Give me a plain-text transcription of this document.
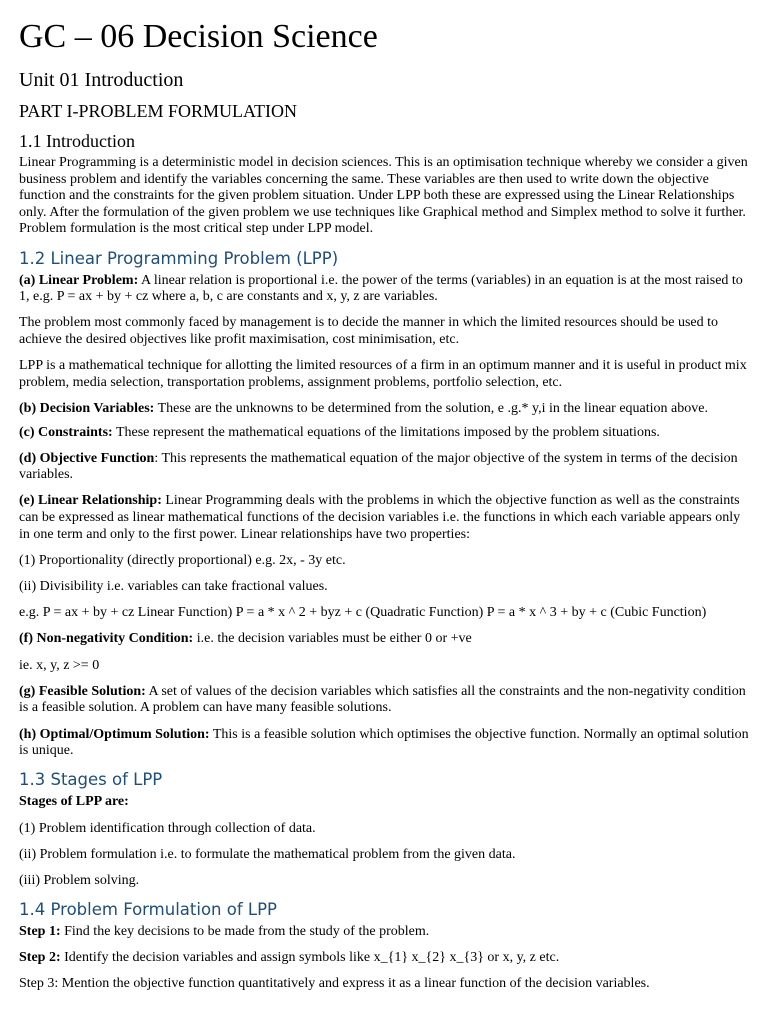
GC – 06 Decision Science
Unit 01 Introduction
PART I-PROBLEM FORMULATION
1.1 Introduction

Linear Programming is a deterministic model in decision sciences. This is an optimisation technique whereby we consider a given business problem and identify the variables concerning the same. These variables are then used to write down the objective function and the constraints for the given problem situation. Under LPP both these are expressed using the Linear Relationships only. After the formulation of the given problem we use techniques like Graphical method and Simplex method to solve it further. Problem formulation is the most critical step under LPP model.

1.2 Linear Programming Problem (LPP)

(a) Linear Problem: A linear relation is proportional i.e. the power of the terms (variables) in an equation is at the most raised to 1, e.g. P = ax + by + cz where a, b, c are constants and x, y, z are variables.

The problem most commonly faced by management is to decide the manner in which the limited resources should be used to achieve the desired objectives like profit maximisation, cost minimisation, etc.

LPP is a mathematical technique for allotting the limited resources of a firm in an optimum manner and it is useful in product mix problem, media selection, transportation problems, assignment problems, portfolio selection, etc.

(b) Decision Variables: These are the unknowns to be determined from the solution, e .g.* y,i in the linear equation above.

(c) Constraints: These represent the mathematical equations of the limitations imposed by the problem situations.

(d) Objective Function: This represents the mathematical equation of the major objective of the system in terms of the decision variables.

(e) Linear Relationship: Linear Programming deals with the problems in which the objective function as well as the constraints can be expressed as linear mathematical functions of the decision variables i.e. the functions in which each variable appears only in one term and only to the first power. Linear relationships have two properties:

(1) Proportionality (directly proportional) e.g. 2x, - 3y etc.

(ii) Divisibility i.e. variables can take fractional values.

e.g. P = ax + by + cz Linear Function) P = a * x ^ 2 + byz + c (Quadratic Function) P = a * x ^ 3 + by + c (Cubic Function)

(f) Non-negativity Condition: i.e. the decision variables must be either 0 or +ve

ie. x, y, z >= 0

(g) Feasible Solution: A set of values of the decision variables which satisfies all the constraints and the non-negativity condition is a feasible solution. A problem can have many feasible solutions.

(h) Optimal/Optimum Solution: This is a feasible solution which optimises the objective function. Normally an optimal solution is unique.

1.3 Stages of LPP

Stages of LPP are:

(1) Problem identification through collection of data.

(ii) Problem formulation i.e. to formulate the mathematical problem from the given data.

(iii) Problem solving.

1.4 Problem Formulation of LPP

Step 1: Find the key decisions to be made from the study of the problem.

Step 2: Identify the decision variables and assign symbols like x_{1} x_{2} x_{3} or x, y, z etc.

Step 3: Mention the objective function quantitatively and express it as a linear function of the decision variables.
